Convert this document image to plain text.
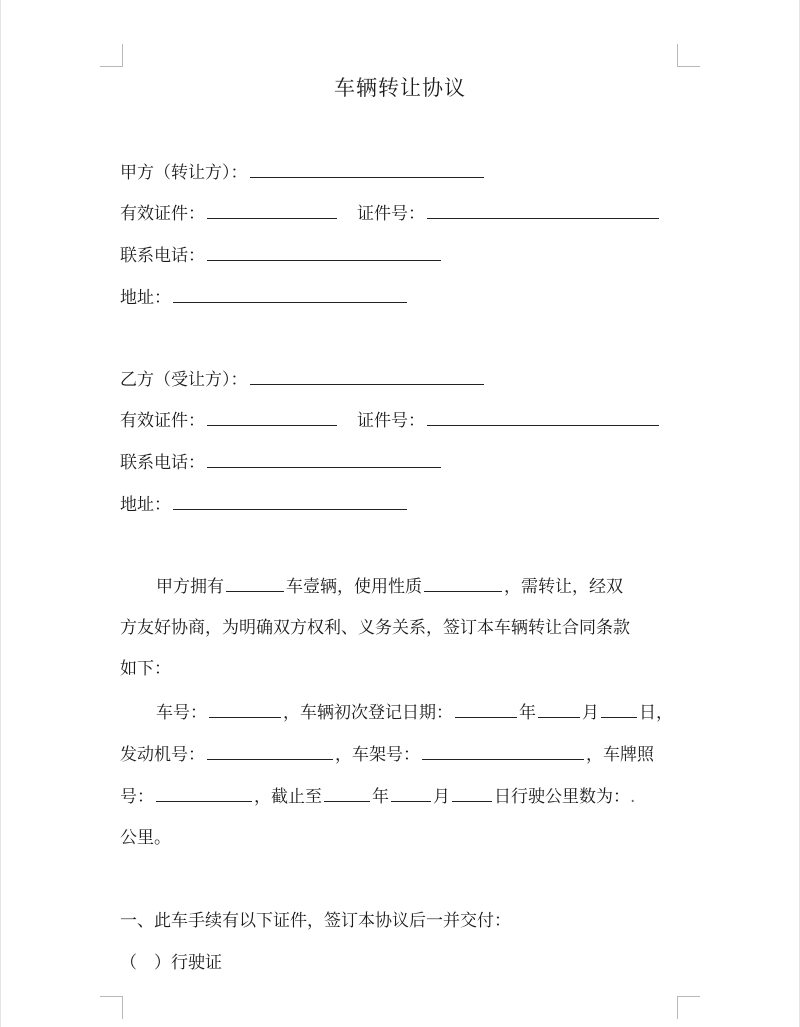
车辆转让协议
甲方（转让方）：
有效证件：	证件号：
联系电话：
地址：
乙方（受让方）：
有效证件：	证件号：
联系电话：
地址：
甲方拥有	车壹辆，使用性质	，需转让，经双
方友好协商，为明确双方权利、义务关系，签订本车辆转让合同条款
如下：
车号：	，车辆初次登记日期：	年	月 日，
发动机号：	，车架号：	，车牌照
号：	，截止至	年	月	日行驶公里数为：.
公里。
一、此车手续有以下证件，签订本协议后一并交付：
（　）行驶证
